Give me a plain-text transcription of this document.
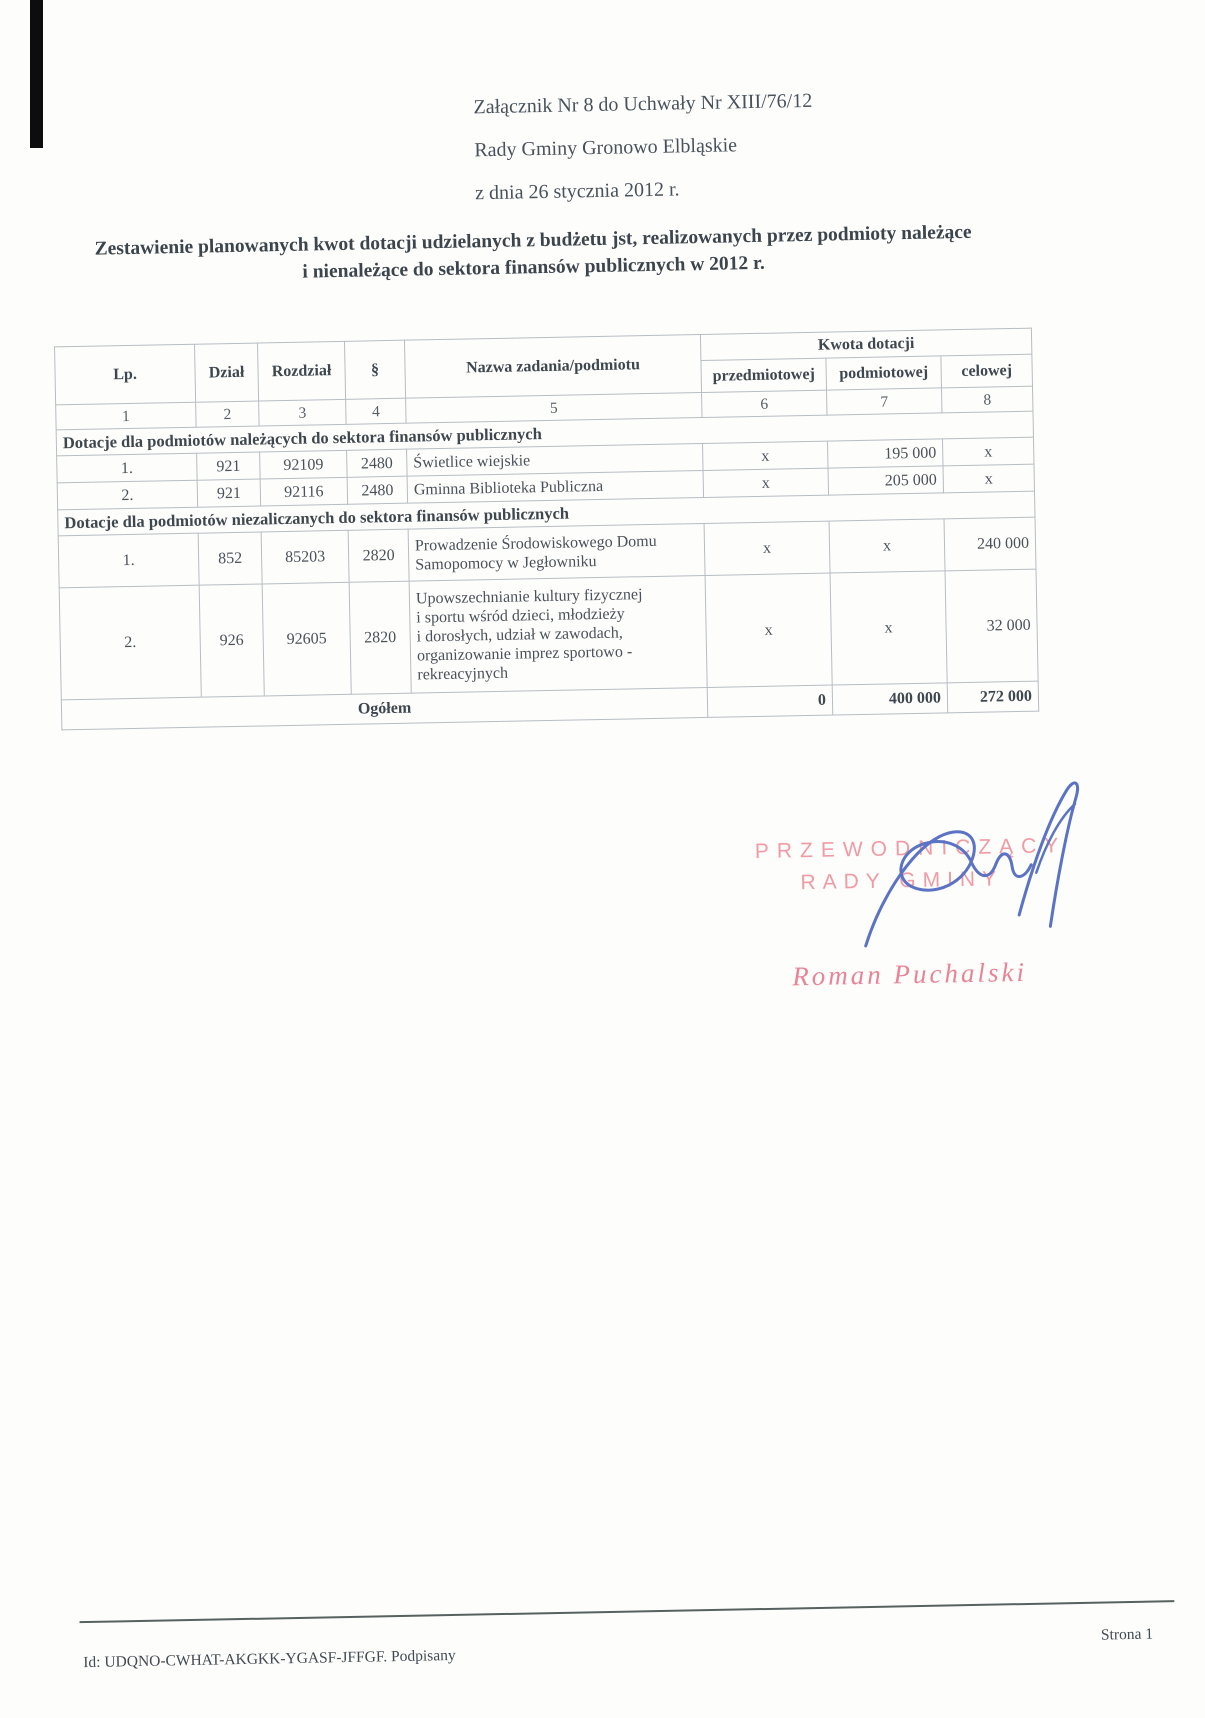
Załącznik Nr 8 do Uchwały Nr XIII/76/12
Rady Gminy Gronowo Elbląskie
z dnia 26 stycznia 2012 r.
Zestawienie planowanych kwot dotacji udzielanych z budżetu jst, realizowanych przez podmioty należące
i nienależące do sektora finansów publicznych w 2012 r.
Lp.	Dział	Rozdział	§	Nazwa zadania/podmiotu	Kwota dotacji		
					przedmiotowej	podmiotowej	celowej
1	2	3	4	5	6	7	8
Dotacje dla podmiotów należących do sektora finansów publicznych							
1.	921	92109	2480	Świetlice wiejskie	x	195 000	x
2.	921	92116	2480	Gminna Biblioteka Publiczna	x	205 000	x
Dotacje dla podmiotów niezaliczanych do sektora finansów publicznych							
1.	852	85203	2820	Prowadzenie Środowiskowego Domu
Samopomocy w Jegłowniku	x	x	240 000
2.	926	92605	2820	Upowszechnianie kultury fizycznej
i sportu wśród dzieci, młodzieży
i dorosłych, udział w zawodach,
organizowanie imprez sportowo -
rekreacyjnych	x	x	32 000
Ogółem					0	400 000	272 000
PRZEWODNICZĄCY
RADY GMINY
Roman Puchalski
Id: UDQNO-CWHAT-AKGKK-YGASF-JFFGF. Podpisany
Strona 1
